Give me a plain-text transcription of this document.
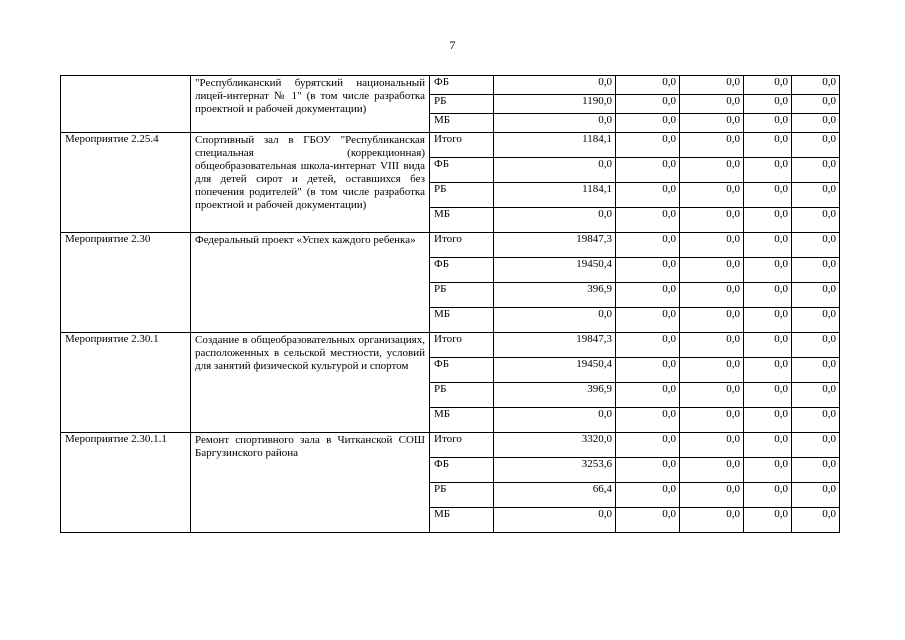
7
	"Республиканский бурятский национальный лицей-интернат № 1" (в том числе разработка проектной и рабочей документации)	ФБ	0,0	0,0	0,0	0,0	0,0
		РБ	1190,0	0,0	0,0	0,0	0,0
		МБ	0,0	0,0	0,0	0,0	0,0
Мероприятие 2.25.4	Спортивный зал в ГБОУ "Республиканская специальная (коррекционная) общеобразовательная школа-интернат VIII вида для детей сирот и детей, оставшихся без попечения родителей" (в том числе разработка проектной и рабочей документации)	Итого	1184,1	0,0	0,0	0,0	0,0
		ФБ	0,0	0,0	0,0	0,0	0,0
		РБ	1184,1	0,0	0,0	0,0	0,0
		МБ	0,0	0,0	0,0	0,0	0,0
Мероприятие 2.30	Федеральный проект «Успех каждого ребенка»	Итого	19847,3	0,0	0,0	0,0	0,0
		ФБ	19450,4	0,0	0,0	0,0	0,0
		РБ	396,9	0,0	0,0	0,0	0,0
		МБ	0,0	0,0	0,0	0,0	0,0
Мероприятие 2.30.1	Создание в общеобразовательных организациях, расположенных в сельской местности, условий для занятий физической культурой и спортом	Итого	19847,3	0,0	0,0	0,0	0,0
		ФБ	19450,4	0,0	0,0	0,0	0,0
		РБ	396,9	0,0	0,0	0,0	0,0
		МБ	0,0	0,0	0,0	0,0	0,0
Мероприятие 2.30.1.1	Ремонт спортивного зала в Читканской СОШ Баргузинского района	Итого	3320,0	0,0	0,0	0,0	0,0
		ФБ	3253,6	0,0	0,0	0,0	0,0
		РБ	66,4	0,0	0,0	0,0	0,0
		МБ	0,0	0,0	0,0	0,0	0,0
